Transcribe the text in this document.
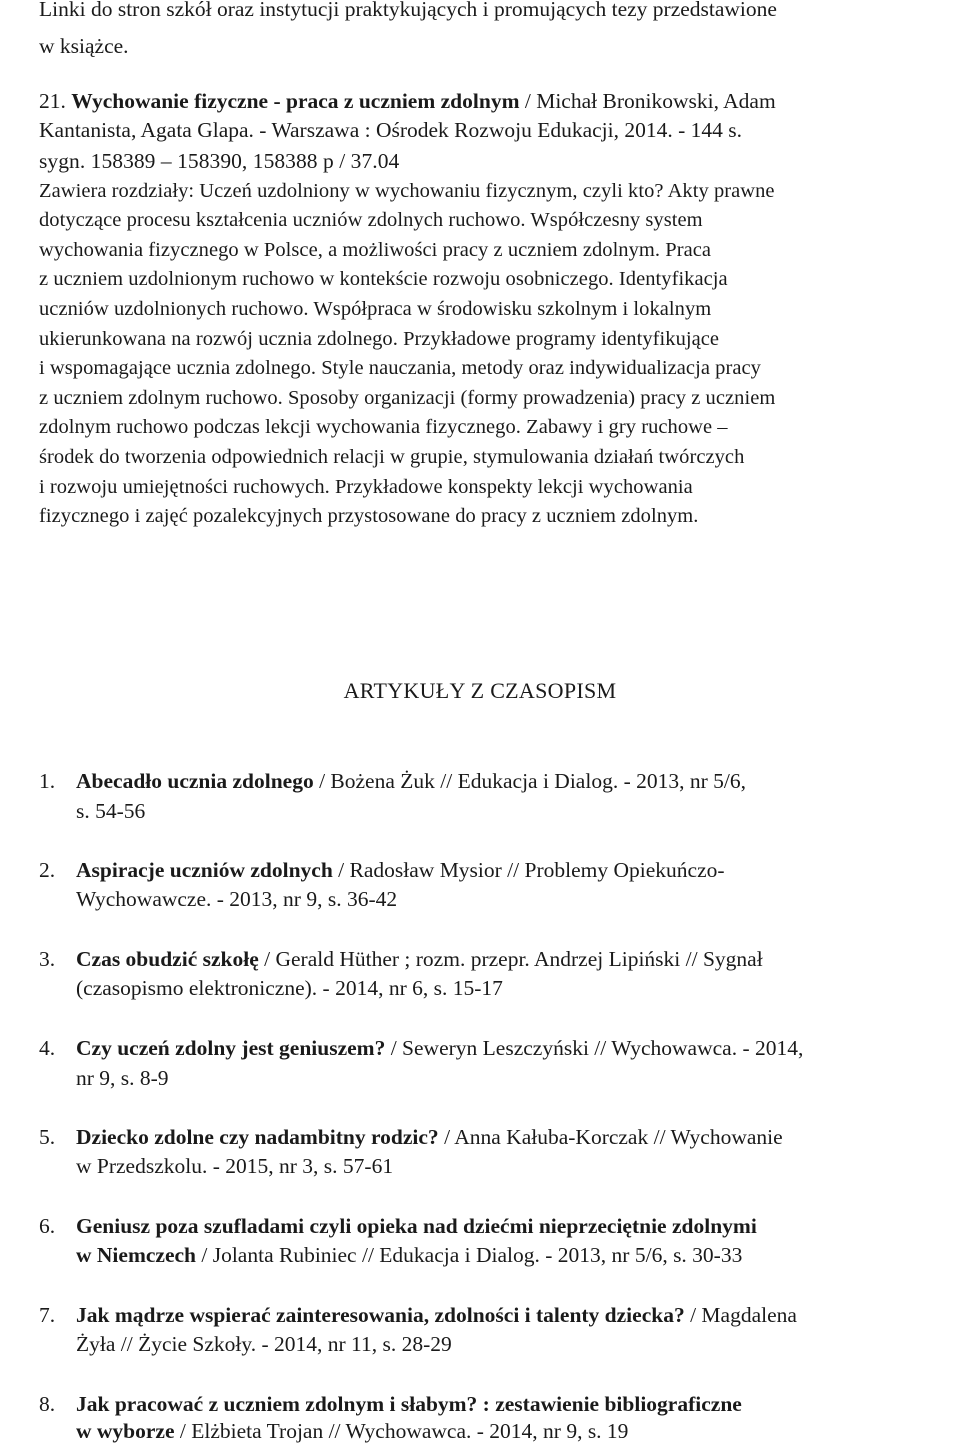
Linki do stron szkół oraz instytucji praktykujących i promujących tezy przedstawione
w książce.
21. Wychowanie fizyczne - praca z uczniem zdolnym / Michał Bronikowski, Adam
Kantanista, Agata Glapa. - Warszawa : Ośrodek Rozwoju Edukacji, 2014. - 144 s.
sygn. 158389 – 158390, 158388 p / 37.04
Zawiera rozdziały: Uczeń uzdolniony w wychowaniu fizycznym, czyli kto? Akty prawne
dotyczące procesu kształcenia uczniów zdolnych ruchowo. Współczesny system
wychowania fizycznego w Polsce, a możliwości pracy z uczniem zdolnym. Praca
z uczniem uzdolnionym ruchowo w kontekście rozwoju osobniczego. Identyfikacja
uczniów uzdolnionych ruchowo. Współpraca w środowisku szkolnym i lokalnym
ukierunkowana na rozwój ucznia zdolnego. Przykładowe programy identyfikujące
i wspomagające ucznia zdolnego. Style nauczania, metody oraz indywidualizacja pracy
z uczniem zdolnym ruchowo. Sposoby organizacji (formy prowadzenia) pracy z uczniem
zdolnym ruchowo podczas lekcji wychowania fizycznego. Zabawy i gry ruchowe –
środek do tworzenia odpowiednich relacji w grupie, stymulowania działań twórczych
i rozwoju umiejętności ruchowych. Przykładowe konspekty lekcji wychowania
fizycznego i zajęć pozalekcyjnych przystosowane do pracy z uczniem zdolnym.
ARTYKUŁY Z CZASOPISM
1. Abecadło ucznia zdolnego / Bożena Żuk // Edukacja i Dialog. - 2013, nr 5/6,
s. 54-56
2. Aspiracje uczniów zdolnych / Radosław Mysior // Problemy Opiekuńczo-
Wychowawcze. - 2013, nr 9, s. 36-42
3. Czas obudzić szkołę / Gerald Hüther ; rozm. przepr. Andrzej Lipiński // Sygnał
(czasopismo elektroniczne). - 2014, nr 6, s. 15-17
4. Czy uczeń zdolny jest geniuszem? / Seweryn Leszczyński // Wychowawca. - 2014,
nr 9, s. 8-9
5. Dziecko zdolne czy nadambitny rodzic? / Anna Kałuba-Korczak // Wychowanie
w Przedszkolu. - 2015, nr 3, s. 57-61
6. Geniusz poza szufladami czyli opieka nad dziećmi nieprzeciętnie zdolnymi
w Niemczech / Jolanta Rubiniec // Edukacja i Dialog. - 2013, nr 5/6, s. 30-33
7. Jak mądrze wspierać zainteresowania, zdolności i talenty dziecka? / Magdalena
Żyła // Życie Szkoły. - 2014, nr 11, s. 28-29
8. Jak pracować z uczniem zdolnym i słabym? : zestawienie bibliograficzne
w wyborze / Elżbieta Trojan // Wychowawca. - 2014, nr 9, s. 19
